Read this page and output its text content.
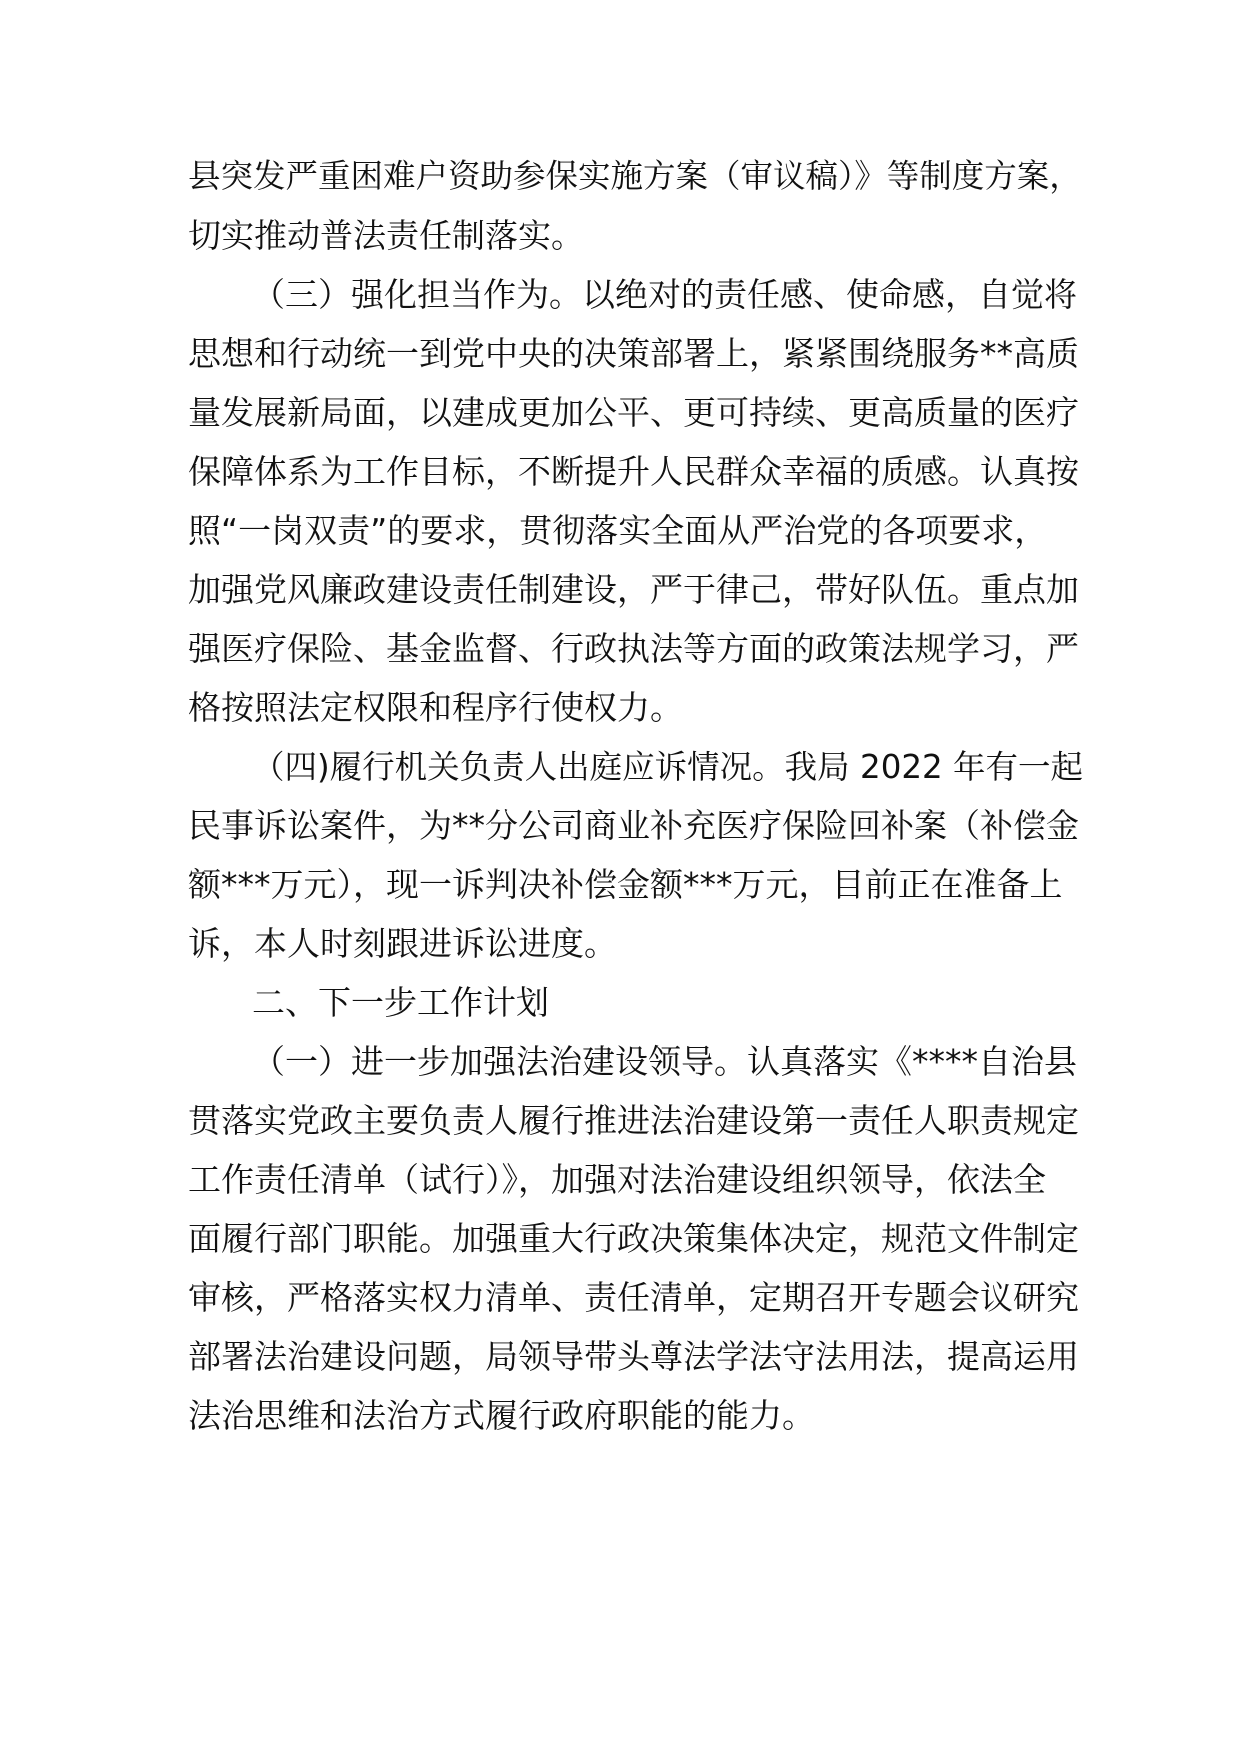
县突发严重困难户资助参保实施方案（审议稿）》等制度方案，
切实推动普法责任制落实。
（三）强化担当作为。以绝对的责任感、使命感，自觉将
思想和行动统一到党中央的决策部署上，紧紧围绕服务**高质
量发展新局面，以建成更加公平、更可持续、更高质量的医疗
保障体系为工作目标，不断提升人民群众幸福的质感。认真按
照“一岗双责”的要求，贯彻落实全面从严治党的各项要求，
加强党风廉政建设责任制建设，严于律己，带好队伍。重点加
强医疗保险、基金监督、行政执法等方面的政策法规学习，严
格按照法定权限和程序行使权力。
（四)履行机关负责人出庭应诉情况。我局 2022 年有一起
民事诉讼案件，为**分公司商业补充医疗保险回补案（补偿金
额***万元），现一诉判决补偿金额***万元，目前正在准备上
诉，本人时刻跟进诉讼进度。
二、下一步工作计划
（一）进一步加强法治建设领导。认真落实《****自治县
贯落实党政主要负责人履行推进法治建设第一责任人职责规定
工作责任清单（试行）》，加强对法治建设组织领导，依法全
面履行部门职能。加强重大行政决策集体决定，规范文件制定
审核，严格落实权力清单、责任清单，定期召开专题会议研究
部署法治建设问题，局领导带头尊法学法守法用法，提高运用
法治思维和法治方式履行政府职能的能力。
